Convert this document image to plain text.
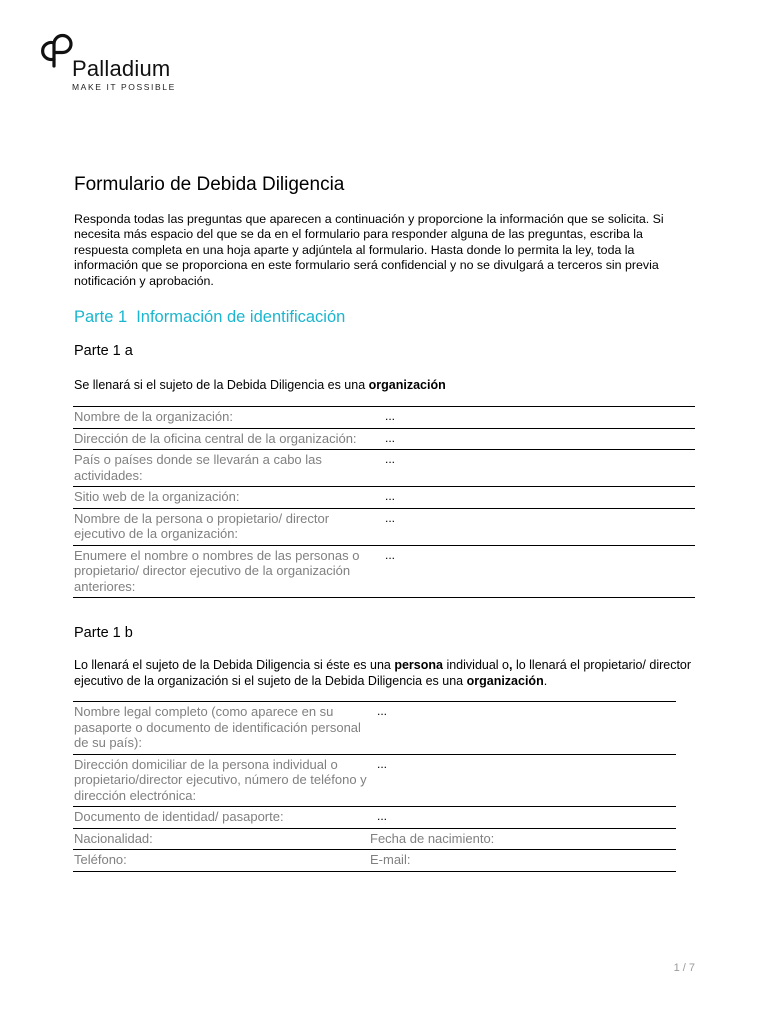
Palladium
MAKE IT POSSIBLE
Formulario de Debida Diligencia
Responda todas las preguntas que aparecen a continuación y proporcione la información que se solicita. Si necesita más espacio del que se da en el formulario para responder alguna de las preguntas, escriba la respuesta completa en una hoja aparte y adjúntela al formulario. Hasta donde lo permita la ley, toda la información que se proporciona en este formulario será confidencial y no se divulgará a terceros sin previa notificación y aprobación.
Parte 1 Información de identificación
Parte 1 a
Se llenará si el sujeto de la Debida Diligencia es una organización
Nombre de la organización:	...
Dirección de la oficina central de la organización:	...
País o países donde se llevarán a cabo las actividades:	...
Sitio web de la organización:	...
Nombre de la persona o propietario/ director ejecutivo de la organización:	...
Enumere el nombre o nombres de las personas o propietario/ director ejecutivo de la organización anteriores:	...
Parte 1 b
Lo llenará el sujeto de la Debida Diligencia si éste es una persona individual o, lo llenará el propietario/ director ejecutivo de la organización si el sujeto de la Debida Diligencia es una organización.
Nombre legal completo (como aparece en su pasaporte o documento de identificación personal de su país):	...
Dirección domiciliar de la persona individual o propietario/director ejecutivo, número de teléfono y dirección electrónica:	...
Documento de identidad/ pasaporte:	...
Nacionalidad:	Fecha de nacimiento:
Teléfono:	E-mail:
1 / 7
